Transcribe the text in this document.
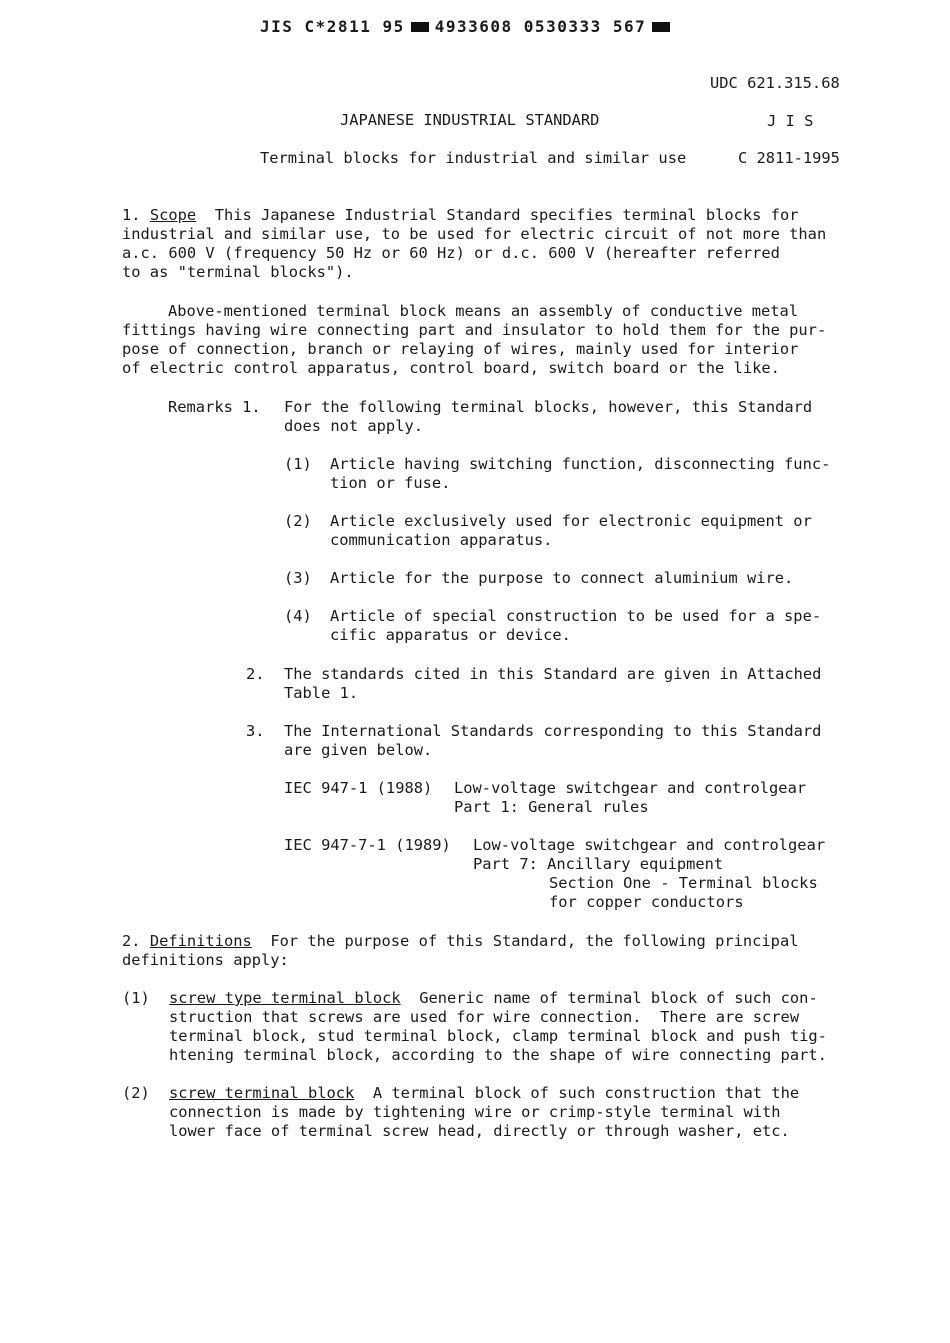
JIS C*2811 95 4933608 0530333 567
UDC 621.315.68
JAPANESE INDUSTRIAL STANDARD	J I S
Terminal blocks for industrial and similar use	C 2811-1995
1. Scope This Japanese Industrial Standard specifies terminal blocks for
industrial and similar use, to be used for electric circuit of not more than
a.c. 600 V (frequency 50 Hz or 60 Hz) or d.c. 600 V (hereafter referred
to as "terminal blocks").
Above-mentioned terminal block means an assembly of conductive metal
fittings having wire connecting part and insulator to hold them for the pur-
pose of connection, branch or relaying of wires, mainly used for interior
of electric control apparatus, control board, switch board or the like.
Remarks 1. For the following terminal blocks, however, this Standard
does not apply.
(1) Article having switching function, disconnecting func-
tion or fuse.
(2) Article exclusively used for electronic equipment or
communication apparatus.
(3) Article for the purpose to connect aluminium wire.
(4) Article of special construction to be used for a spe-
cific apparatus or device.
2. The standards cited in this Standard are given in Attached
Table 1.
3. The International Standards corresponding to this Standard
are given below.
IEC 947-1 (1988) Low-voltage switchgear and controlgear
Part 1: General rules
IEC 947-7-1 (1989) Low-voltage switchgear and controlgear
Part 7: Ancillary equipment
Section One - Terminal blocks
for copper conductors
2. Definitions For the purpose of this Standard, the following principal
definitions apply:
(1) screw type terminal block Generic name of terminal block of such con-
struction that screws are used for wire connection.  There are screw
terminal block, stud terminal block, clamp terminal block and push tig-
htening terminal block, according to the shape of wire connecting part.
(2) screw terminal block A terminal block of such construction that the
connection is made by tightening wire or crimp-style terminal with
lower face of terminal screw head, directly or through washer, etc.
